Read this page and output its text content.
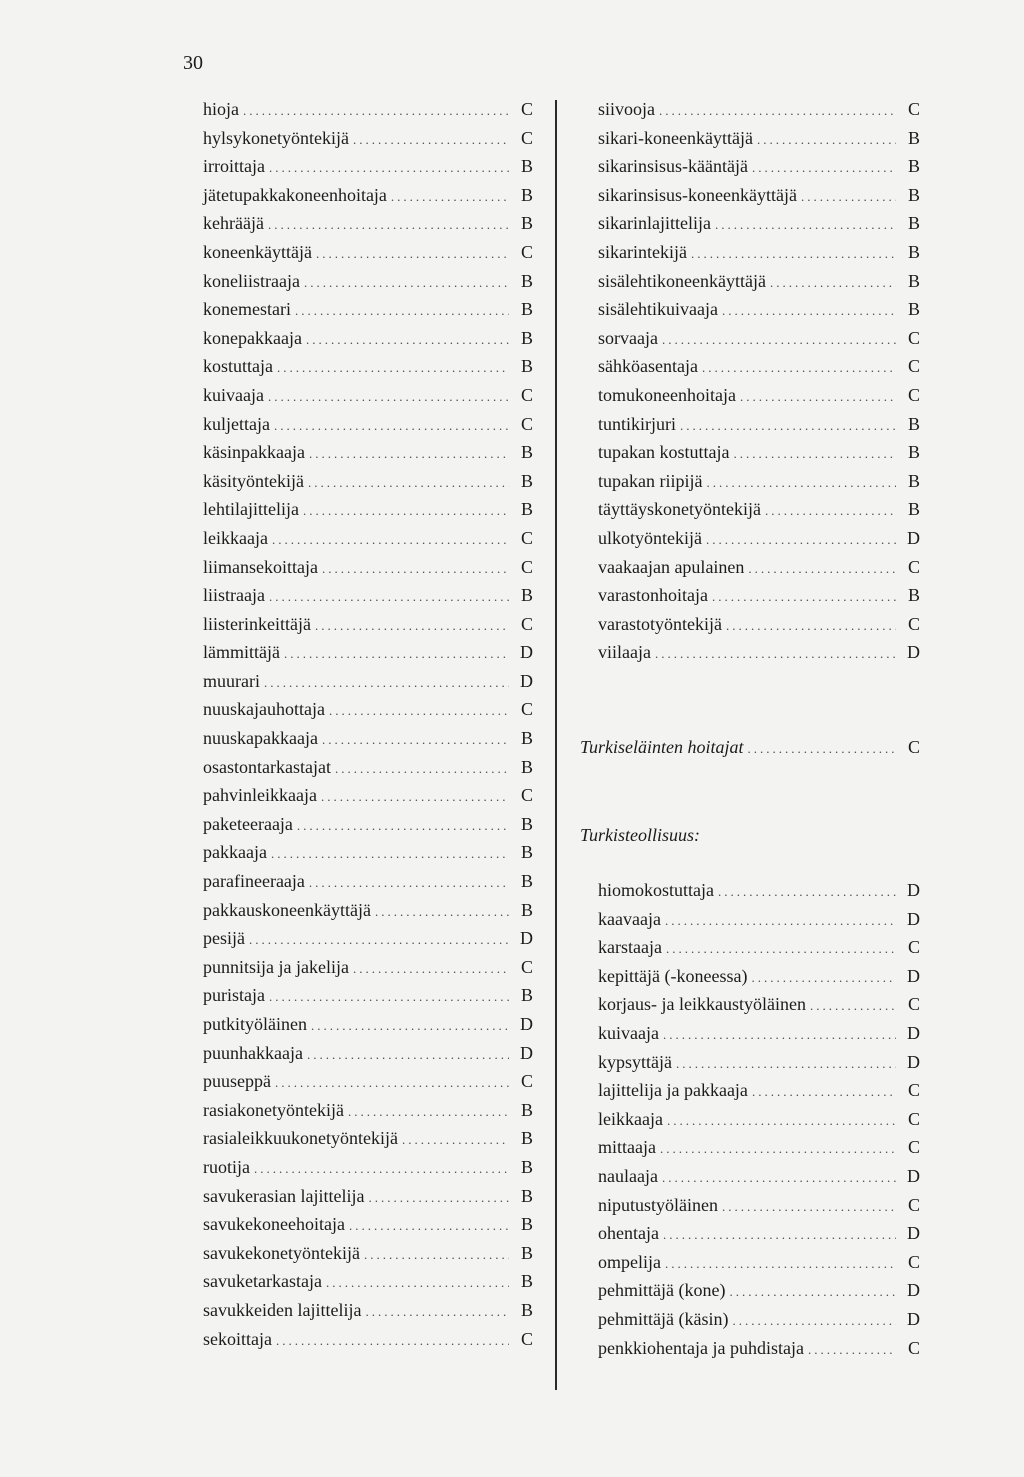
30
hioja .....	C
hylsykonetyöntekijä .....	C
irroittaja .....	B
jätetupakkakoneenhoitaja .....	B
kehrääjä .....	B
koneenkäyttäjä .....	C
koneliistraaja .....	B
konemestari .....	B
konepakkaaja .....	B
kostuttaja .....	B
kuivaaja .....	C
kuljettaja .....	C
käsinpakkaaja .....	B
käsityöntekijä .....	B
lehtilajittelija .....	B
leikkaaja .....	C
liimansekoittaja .....	C
liistraaja .....	B
liisterinkeittäjä .....	C
lämmittäjä .....	D
muurari .....	D
nuuskajauhottaja .....	C
nuuskapakkaaja .....	B
osastontarkastajat .....	B
pahvinleikkaaja .....	C
paketeeraaja .....	B
pakkaaja .....	B
parafineeraaja .....	B
pakkauskoneenkäyttäjä .....	B
pesijä .....	D
punnitsija ja jakelija .....	C
puristaja .....	B
putkityöläinen .....	D
puunhakkaaja .....	D
puuseppä .....	C
rasiakonetyöntekijä .....	B
rasialeikkuukonetyöntekijä .....	B
ruotija .....	B
savukerasian lajittelija .....	B
savukekoneehoitaja .....	B
savukekonetyöntekijä .....	B
savuketarkastaja .....	B
savukkeiden lajittelija .....	B
sekoittaja .....	C
siivooja .....	C
sikari-koneenkäyttäjä .....	B
sikarinsisus-kääntäjä .....	B
sikarinsisus-koneenkäyttäjä .....	B
sikarinlajittelija .....	B
sikarintekijä .....	B
sisälehtikoneenkäyttäjä .....	B
sisälehtikuivaaja .....	B
sorvaaja .....	C
sähköasentaja .....	C
tomukoneenhoitaja .....	C
tuntikirjuri .....	B
tupakan kostuttaja .....	B
tupakan riipijä .....	B
täyttäyskonetyöntekijä .....	B
ulkotyöntekijä .....	D
vaakaajan apulainen .....	C
varastonhoitaja .....	B
varastotyöntekijä .....	C
viilaaja .....	D
Turkiseläinten hoitajat .....	C
Turkisteollisuus:
hiomokostuttaja .....	D
kaavaaja .....	D
karstaaja .....	C
kepittäjä (-koneessa) .....	D
korjaus- ja leikkaustyöläinen .....	C
kuivaaja .....	D
kypsyttäjä .....	D
lajittelija ja pakkaaja .....	C
leikkaaja .....	C
mittaaja .....	C
naulaaja .....	D
niputustyöläinen .....	C
ohentaja .....	D
ompelija .....	C
pehmittäjä (kone) .....	D
pehmittäjä (käsin) .....	D
penkkiohentaja ja puhdistaja .....	C
